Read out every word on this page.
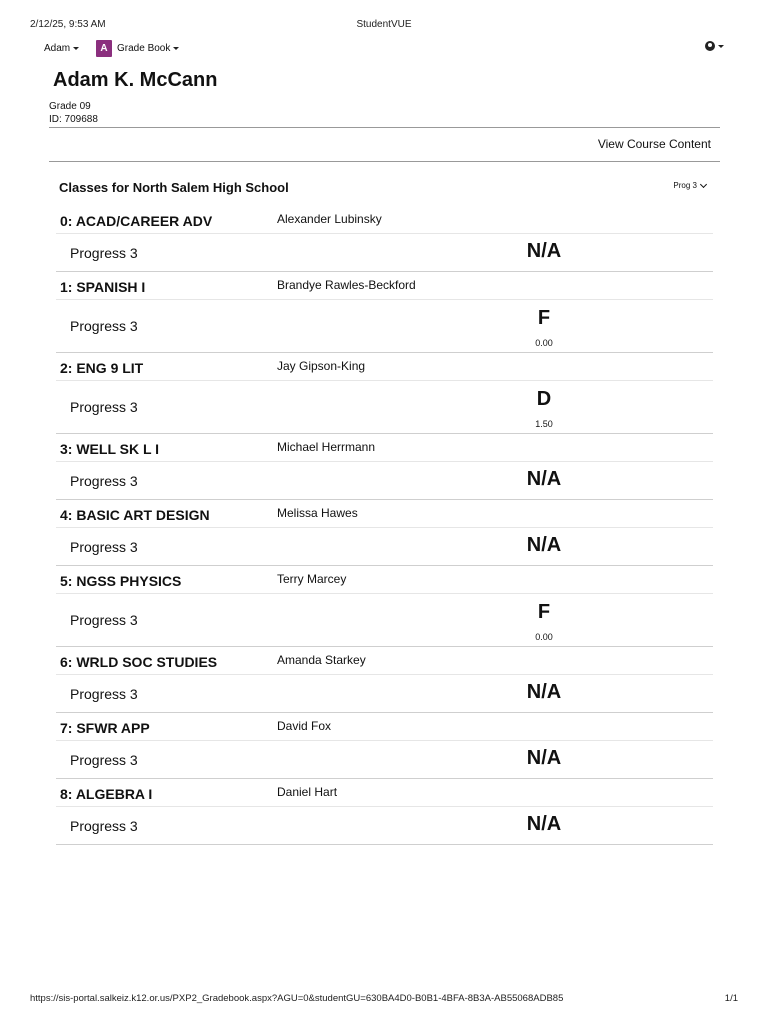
2/12/25, 9:53 AM	StudentVUE
Adam	A Grade Book
Adam K. McCann
Grade 09
ID: 709688
View Course Content
Classes for North Salem High School	Prog 3
0: ACAD/CAREER ADV	Alexander Lubinsky
Progress 3	N/A
1: SPANISH I	Brandye Rawles-Beckford
Progress 3	F
0.00
2: ENG 9 LIT	Jay Gipson-King
Progress 3	D
1.50
3: WELL SK L I	Michael Herrmann
Progress 3	N/A
4: BASIC ART DESIGN	Melissa Hawes
Progress 3	N/A
5: NGSS PHYSICS	Terry Marcey
Progress 3	F
0.00
6: WRLD SOC STUDIES	Amanda Starkey
Progress 3	N/A
7: SFWR APP	David Fox
Progress 3	N/A
8: ALGEBRA I	Daniel Hart
Progress 3	N/A
https://sis-portal.salkeiz.k12.or.us/PXP2_Gradebook.aspx?AGU=0&studentGU=630BA4D0-B0B1-4BFA-8B3A-AB55068ADB85	1/1
